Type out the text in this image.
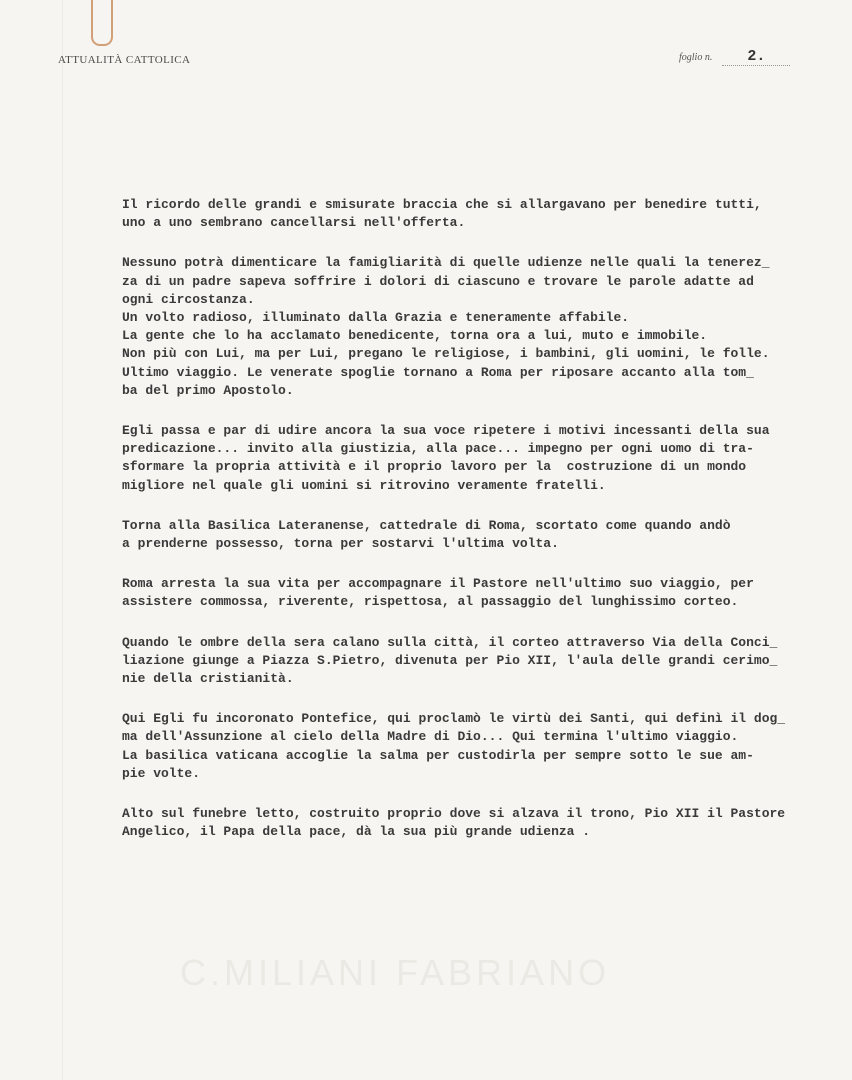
ATTUALITÀ CATTOLICA	foglio n. 2.
C.MILIANI FABRIANO
Il ricordo delle grandi e smisurate braccia che si allargavano per benedire tutti,
uno a uno sembrano cancellarsi nell'offerta.
Nessuno potrà dimenticare la famigliarità di quelle udienze nelle quali la tenerez_
za di un padre sapeva soffrire i dolori di ciascuno e trovare le parole adatte ad
ogni circostanza.
Un volto radioso, illuminato dalla Grazia e teneramente affabile.
La gente che lo ha acclamato benedicente, torna ora a lui, muto e immobile.
Non più con Lui, ma per Lui, pregano le religiose, i bambini, gli uomini, le folle.
Ultimo viaggio. Le venerate spoglie tornano a Roma per riposare accanto alla tom_
ba del primo Apostolo.
Egli passa e par di udire ancora la sua voce ripetere i motivi incessanti della sua
predicazione... invito alla giustizia, alla pace... impegno per ogni uomo di tra-
sformare la propria attività e il proprio lavoro per la  costruzione di un mondo
migliore nel quale gli uomini si ritrovino veramente fratelli.
Torna alla Basilica Lateranense, cattedrale di Roma, scortato come quando andò
a prenderne possesso, torna per sostarvi l'ultima volta.
Roma arresta la sua vita per accompagnare il Pastore nell'ultimo suo viaggio, per
assistere commossa, riverente, rispettosa, al passaggio del lunghissimo corteo.
Quando le ombre della sera calano sulla città, il corteo attraverso Via della Conci_
liazione giunge a Piazza S.Pietro, divenuta per Pio XII, l'aula delle grandi cerimo_
nie della cristianità.
Qui Egli fu incoronato Pontefice, qui proclamò le virtù dei Santi, qui definì il dog_
ma dell'Assunzione al cielo della Madre di Dio... Qui termina l'ultimo viaggio.
La basilica vaticana accoglie la salma per custodirla per sempre sotto le sue am-
pie volte.
Alto sul funebre letto, costruito proprio dove si alzava il trono, Pio XII il Pastore
Angelico, il Papa della pace, dà la sua più grande udienza .
